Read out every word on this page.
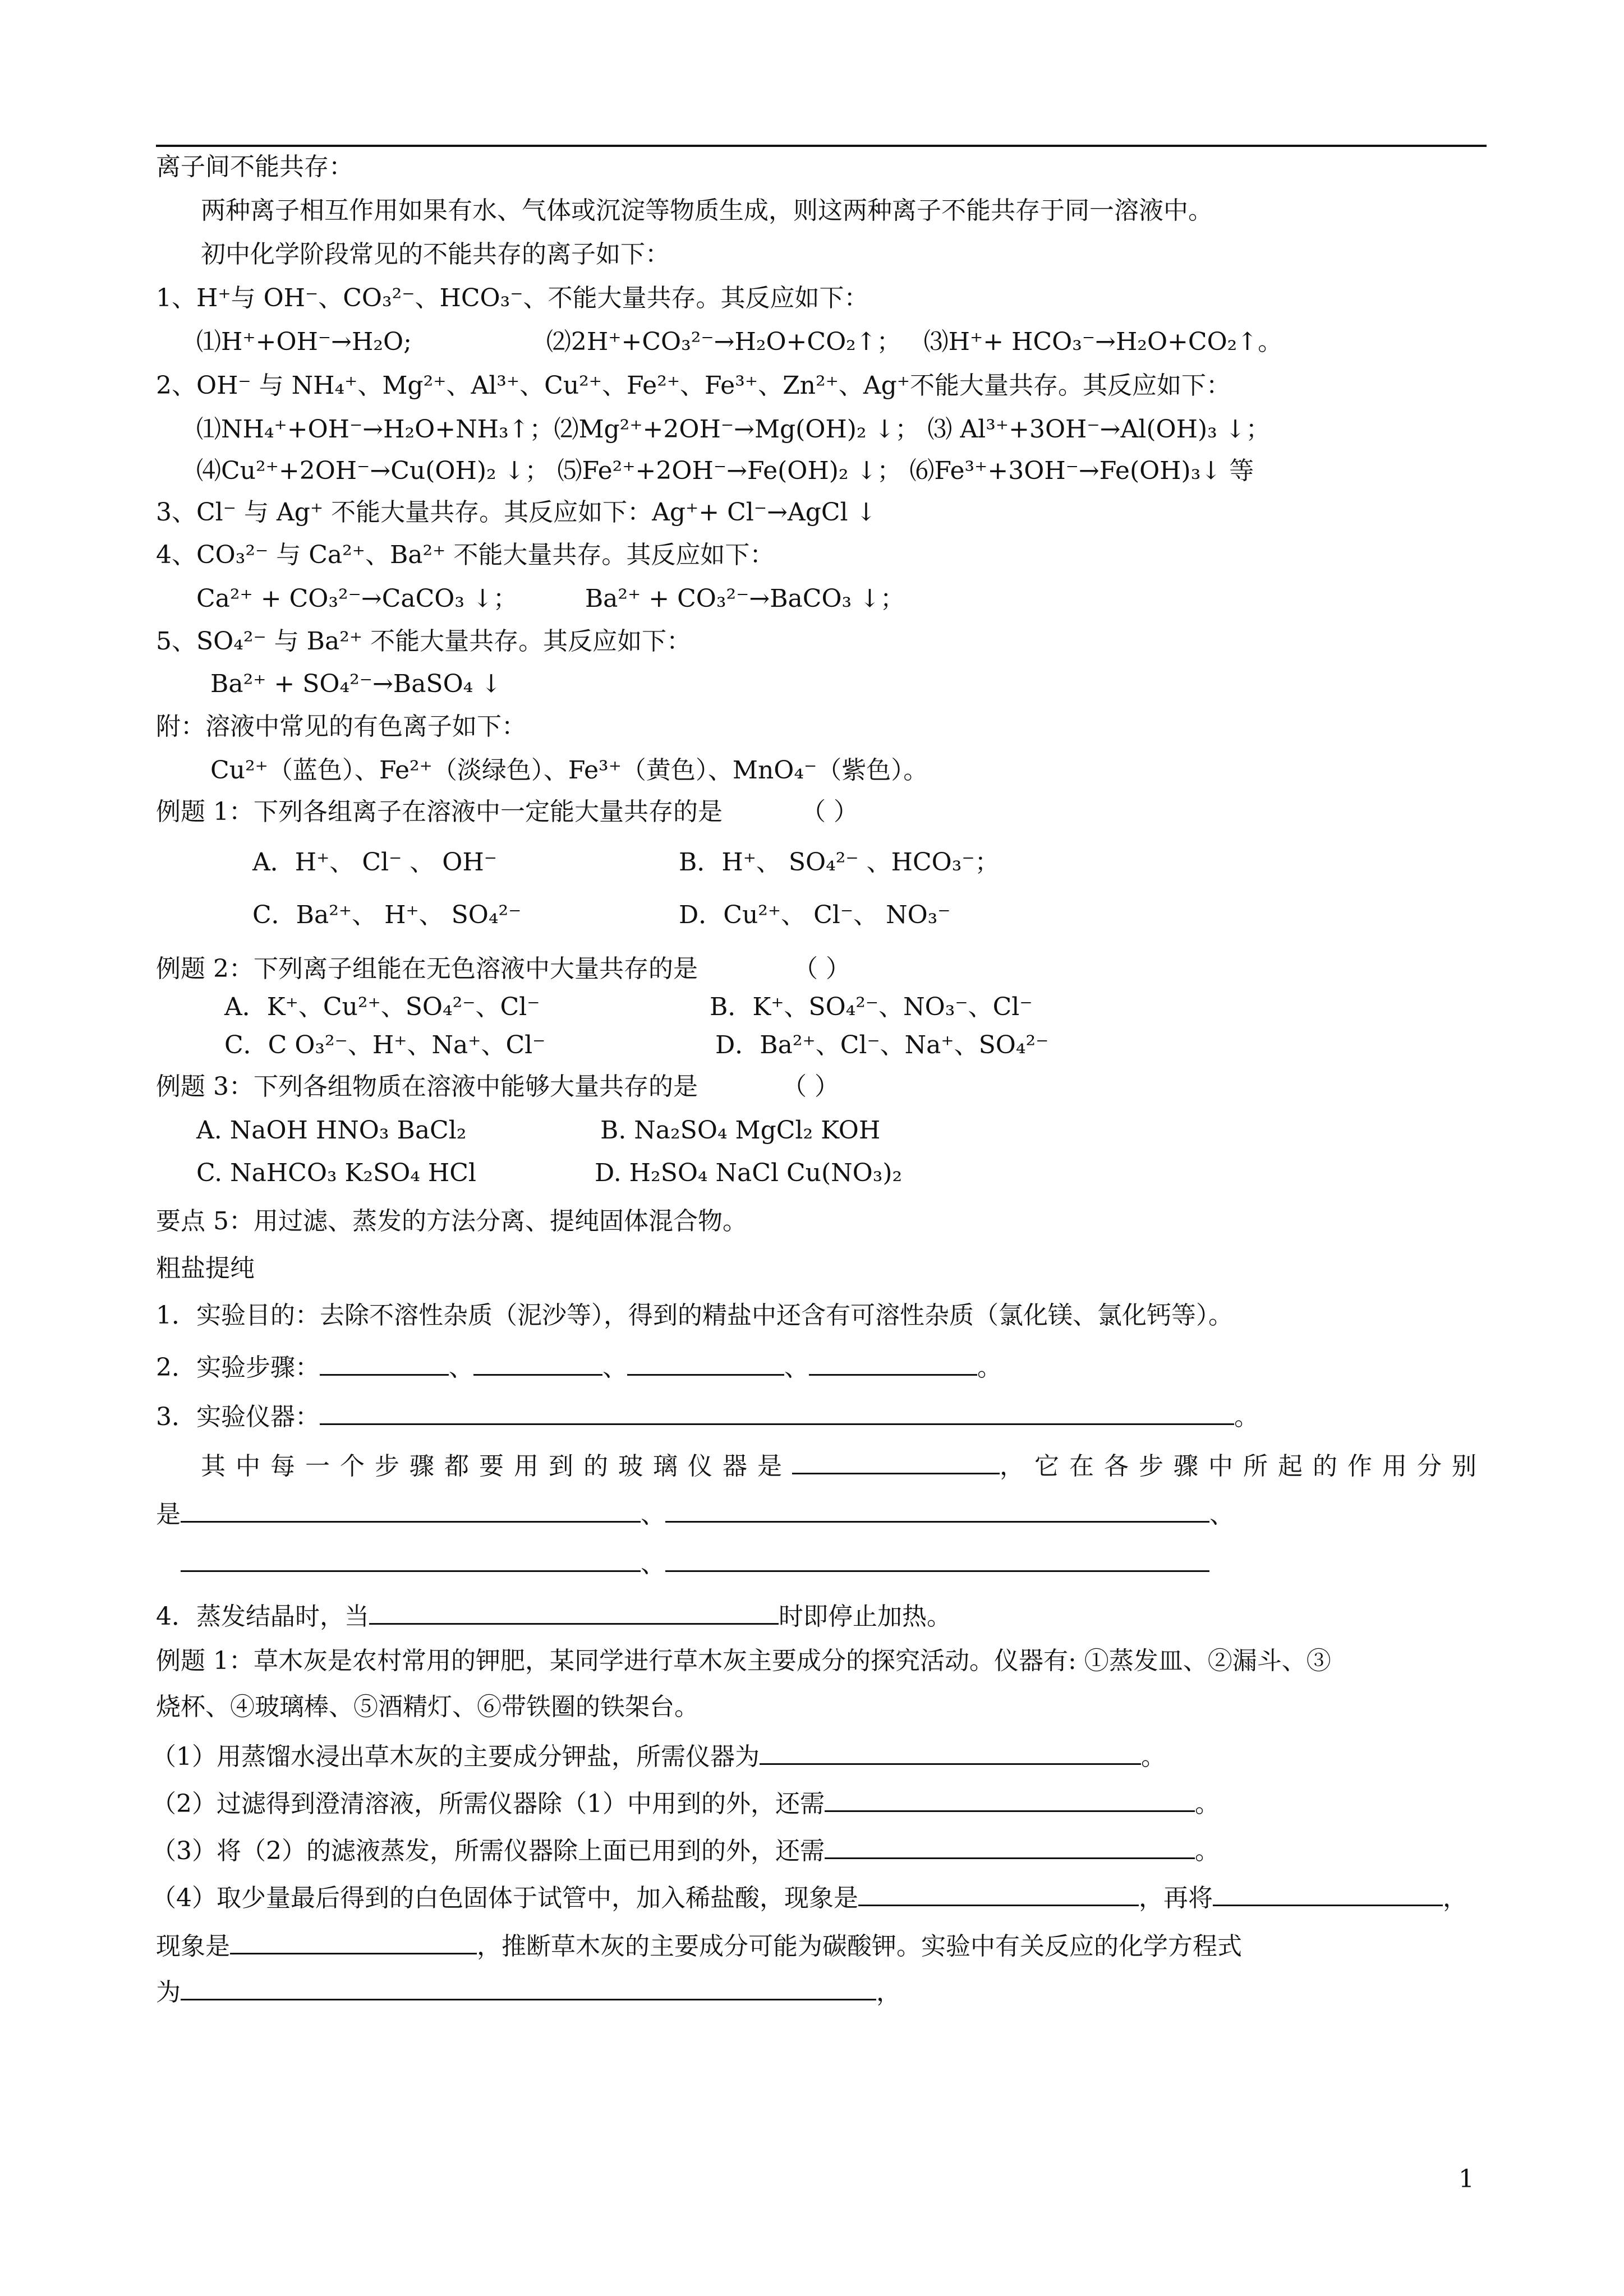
离子间不能共存：
两种离子相互作用如果有水、气体或沉淀等物质生成，则这两种离子不能共存于同一溶液中。
初中化学阶段常见的不能共存的离子如下：
1、H⁺与 OH⁻、CO₃²⁻、HCO₃⁻、不能大量共存。其反应如下：
⑴H⁺+OH⁻→H₂O;	⑵2H⁺+CO₃²⁻→H₂O+CO₂↑； ⑶H⁺+ HCO₃⁻→H₂O+CO₂↑。
2、OH⁻ 与 NH₄⁺、Mg²⁺、Al³⁺、Cu²⁺、Fe²⁺、Fe³⁺、Zn²⁺、Ag⁺不能大量共存。其反应如下：
⑴NH₄⁺+OH⁻→H₂O+NH₃↑；⑵Mg²⁺+2OH⁻→Mg(OH)₂ ↓； ⑶ Al³⁺+3OH⁻→Al(OH)₃ ↓；
⑷Cu²⁺+2OH⁻→Cu(OH)₂ ↓； ⑸Fe²⁺+2OH⁻→Fe(OH)₂ ↓； ⑹Fe³⁺+3OH⁻→Fe(OH)₃↓ 等
3、Cl⁻ 与 Ag⁺ 不能大量共存。其反应如下：Ag⁺+ Cl⁻→AgCl ↓
4、CO₃²⁻ 与 Ca²⁺、Ba²⁺ 不能大量共存。其反应如下：
Ca²⁺ + CO₃²⁻→CaCO₃ ↓；	Ba²⁺ + CO₃²⁻→BaCO₃ ↓；
5、SO₄²⁻ 与 Ba²⁺ 不能大量共存。其反应如下：
Ba²⁺ + SO₄²⁻→BaSO₄ ↓
附：溶液中常见的有色离子如下：
Cu²⁺（蓝色）、Fe²⁺（淡绿色）、Fe³⁺（黄色）、MnO₄⁻（紫色）。
例题 1：下列各组离子在溶液中一定能大量共存的是	（ ）
A．H⁺、 Cl⁻ 、 OH⁻	B．H⁺、 SO₄²⁻ 、HCO₃⁻；
C．Ba²⁺、 H⁺、 SO₄²⁻	D．Cu²⁺、 Cl⁻、 NO₃⁻
例题 2：下列离子组能在无色溶液中大量共存的是	（ ）
A．K⁺、Cu²⁺、SO₄²⁻、Cl⁻	B．K⁺、SO₄²⁻、NO₃⁻、Cl⁻
C．C O₃²⁻、H⁺、Na⁺、Cl⁻	D．Ba²⁺、Cl⁻、Na⁺、SO₄²⁻
例题 3：下列各组物质在溶液中能够大量共存的是	（ ）
A. NaOH HNO₃ BaCl₂	B. Na₂SO₄ MgCl₂ KOH
C. NaHCO₃ K₂SO₄ HCl	D. H₂SO₄ NaCl Cu(NO₃)₂
要点 5：用过滤、蒸发的方法分离、提纯固体混合物。
粗盐提纯
1．实验目的：去除不溶性杂质（泥沙等），得到的精盐中还含有可溶性杂质（氯化镁、氯化钙等）。
2．实验步骤：	、	、	、	。
3．实验仪器：	。
其中每一个步骤都要用到的玻璃仪器是	，它在各步骤中所起的作用分别
是	、	、
、
4．蒸发结晶时，当	时即停止加热。
例题 1：草木灰是农村常用的钾肥，某同学进行草木灰主要成分的探究活动。仪器有: ①蒸发皿、②漏斗、③
烧杯、④玻璃棒、⑤酒精灯、⑥带铁圈的铁架台。
（1）用蒸馏水浸出草木灰的主要成分钾盐，所需仪器为	。
（2）过滤得到澄清溶液，所需仪器除（1）中用到的外，还需	。
（3）将（2）的滤液蒸发，所需仪器除上面已用到的外，还需	。
（4）取少量最后得到的白色固体于试管中，加入稀盐酸，现象是	，再将	，
现象是	，推断草木灰的主要成分可能为碳酸钾。实验中有关反应的化学方程式
为	，
1
